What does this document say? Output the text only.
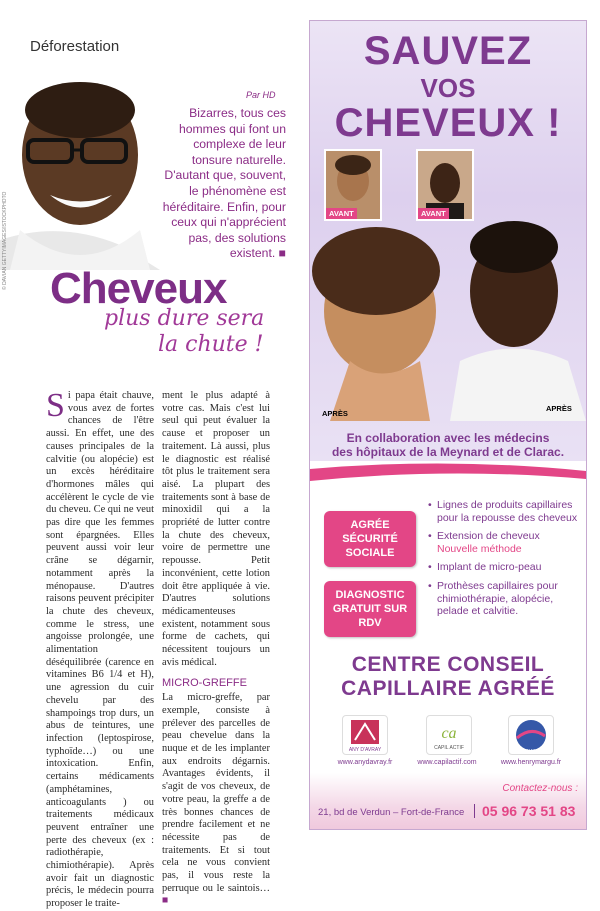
Déforestation
Par HD
Bizarres, tous ces hommes qui font un complexe de leur tonsure naturelle. D'autant que, souvent, le phénomène est héréditaire. Enfin, pour ceux qui n'apprécient pas, des solutions existent. ■
© DAVIAN GETTYIMAGES/ISTOCKPHOTO Cheveux
plus dure sera
la chute !
S i papa était chauve, vous avez de fortes chances de l'être aussi. En effet, une des causes principales de la calvitie (ou alopécie) est un excès héréditaire d'hormones mâles qui accélèrent le cycle de vie du cheveu. Ce qui ne veut pas dire que les femmes sont épargnées. Elles peuvent aussi voir leur crâne se dégarnir, notamment après la ménopause. D'autres raisons peuvent précipiter la chute des cheveux, comme le stress, une angoisse prolongée, une alimentation déséquilibrée (carence en vitamines B6 1/4 et H), une agression du cuir chevelu par des shampoings trop durs, un abus de teintures, une infection (leptospirose, typhoïde…) ou une intoxication. Enfin, certains médicaments (amphétamines, anticoagulants ) ou traitements médicaux peuvent entraîner une perte des cheveux (ex : radiothérapie, chimiothérapie). Après avoir fait un diagnostic précis, le médecin pourra proposer le traite-
ment le plus adapté à votre cas. Mais c'est lui seul qui peut évaluer la cause et proposer un traitement. Là aussi, plus le diagnostic est réalisé tôt plus le traitement sera aisé. La plupart des traitements sont à base de minoxidil qui a la propriété de lutter contre la chute des cheveux, voire de permettre une repousse. Petit inconvénient, cette lotion doit être appliquée à vie. D'autres solutions médicamenteuses existent, notamment sous forme de cachets, qui nécessitent toujours un avis médical.
MICRO-GREFFE
La micro-greffe, par exemple, consiste à prélever des parcelles de peau chevelue dans la nuque et de les implanter aux endroits dégarnis. Avantages évidents, il s'agit de vos cheveux, de votre peau, la greffe a de très bonnes chances de prendre facilement et ne nécessite pas de traitements. Et si tout cela ne vous convient pas, il vous reste la perruque ou le saintois… ■
SAUVEZ
VOS
CHEVEUX !
AVANT	AVANT
APRÈS
APRÈS
En collaboration avec les médecins
des hôpitaux de la Meynard et de Clarac.
AGRÉE SÉCURITÉ SOCIALE
DIAGNOSTIC GRATUIT SUR RDV
• Lignes de produits capillaires pour la repousse des cheveux
• Extension de cheveux
Nouvelle méthode
• Implant de micro-peau
• Prothèses capillaires pour chimiothérapie, alopécie, pelade et calvitie.
CENTRE CONSEIL
CAPILLAIRE AGRÉÉ
ANY D'AVRAY
ca
CAPIL ACTIF	HENRY MARGU
www.anydavray.fr	www.capilactif.com	www.henrymargu.fr
Contactez-nous :
21, bd de Verdun – Fort-de-France 05 96 73 51 83
